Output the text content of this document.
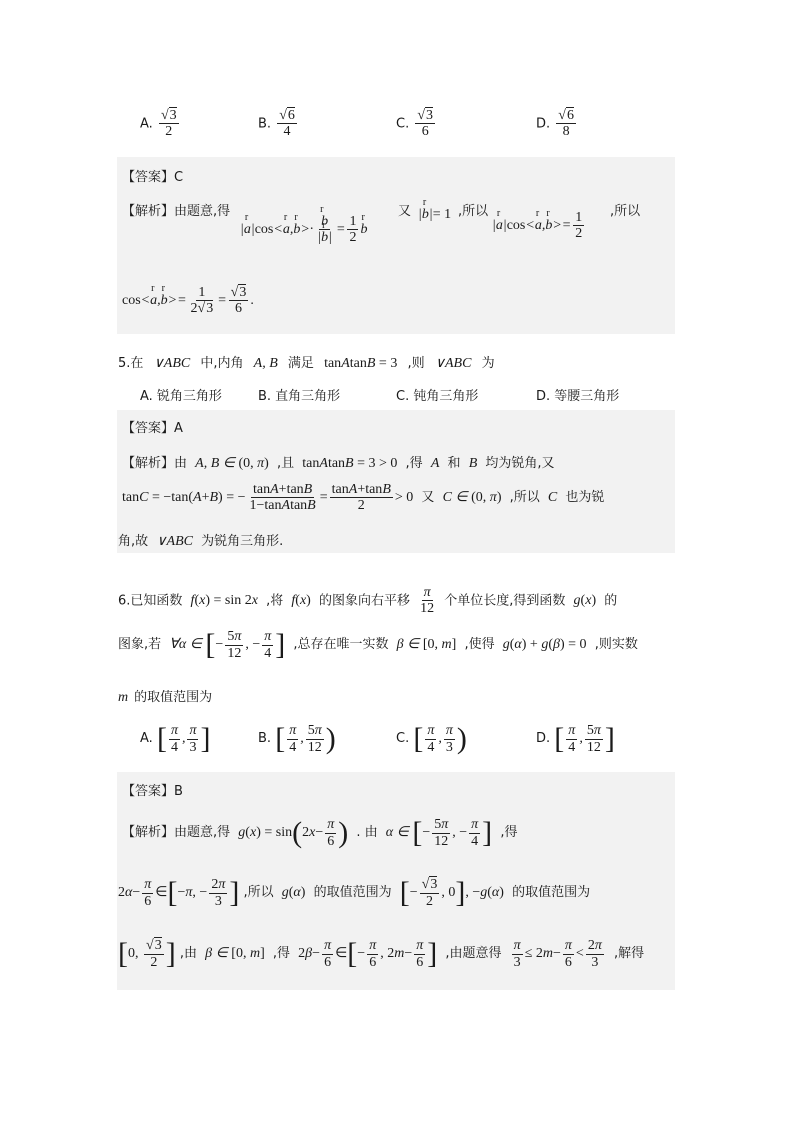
A. $\frac{√3}{2}$	B. $\frac{√6}{4}$	C. $\frac{√3}{6}$	D. $\frac{√6}{8}$
【答案】C
【解析】由题意,得
|r a|cos<r a,r b>· r $\frac{b}{\text{|r b|}} = \frac{1}{2}$ r b
又 |r b|= 1 ,所以
|r a|cos<r a,r $b>= \frac{1}{2}$ ,所以
cos<r a,r $b>= \frac{1}{2√3} = \frac{√3}{6}$ .
5.在 ∨ABC 中,内角 A, B 满足 tanAtanB = 3 ,则 ∨ABC 为
A. 锐角三角形	B. 直角三角形	C. 钝角三角形	D. 等腰三角形
【答案】A
【解析】由 A, B ∈ (0, π) ,且 tanAtanB = 3 > 0 ,得 A 和 B 均为锐角,又
tanC = −tan(A+B) = − $\frac{\tan A+\tan B}{\text{1−tanAtanB}} = \frac{\tan A+\tan B}{2} > 0$ 又 C ∈ (0, π) ,所以 C 也为锐
角,故 ∨ABC 为锐角三角形.
6.已知函数 f(x) = sin 2x ,将 f(x) 的图象向右平移 $\frac{\pi}{12}$ 个单位长度,得到函数 g(x) 的
图象,若 ∀α ∈ [− $\frac{5\pi}{12}$ , − $\frac{\pi}{4}$ ] ,总存在唯一实数 β ∈ [0, m] ,使得 g(α) + g(β) = 0 ,则实数
m 的取值范围为
A. [ $\frac{\pi}{4}$ , $\frac{\pi}{3}$ ]	B. [ $\frac{\pi}{4}$ , $\frac{5\pi}{12}$ )	C. [ $\frac{\pi}{4}$ , $\frac{\pi}{3}$ )	D. [ $\frac{\pi}{4}$ , $\frac{5\pi}{12}$ ]
【答案】B
【解析】由题意,得 $g(x) = \sin(2x- \frac{\pi}{6}$ ) . 由 α ∈ [− $\frac{5\pi}{12}$ , − $\frac{\pi}{4}$ ] ,得
$2\alpha- \frac{\pi}{6}$ ∈[−π, − $\frac{2\pi}{3}$ ] ,所以 g(α) 的取值范围为 [− $\frac{√3}{2}$ , 0], −g(α) 的取值范围为
[0, $\frac{√3}{2}$ ] ,由 β ∈ [0, m] ,得 $2\beta- \frac{\pi}{6}$ ∈[− $\frac{\pi}{6}$ , $2m- \frac{\pi}{6}$ ] ,由题意得 $\frac{\pi}{3} \le 2m- \frac{\pi}{6} < \frac{2\pi}{3}$ ,解得
